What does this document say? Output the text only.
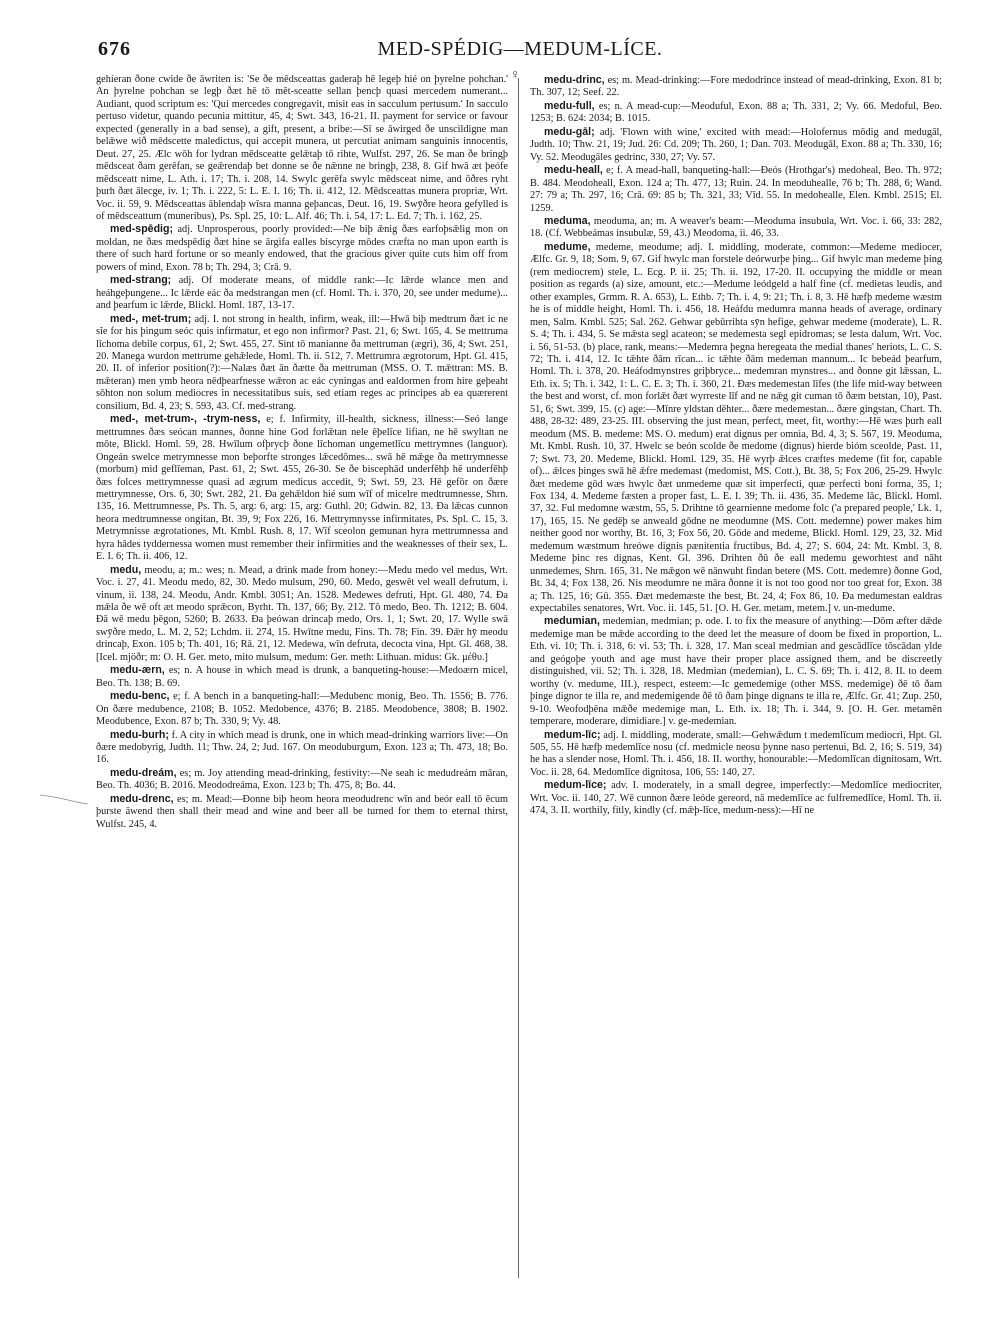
676	MED-SPÉDIG—MEDUM-LÍCE.
♀

gehíeran ðone cwide ðe āwriten is: 'Se ðe mēdsceattas gaderaþ hē legeþ hié on þyrelne pohchan.' An þyrelne pohchan se legþ ðæt hē tō mēt-sceatte sellan þencþ quasi mercedem numerant... Audiant, quod scriptum es: 'Qui mercedes congregavit, misit eas in sacculum pertusum.' In sacculo pertuso videtur, quando pecunia mittitur, 45, 4; Swt. 343, 16-21. II. payment for service or favour expected (generally in a bad sense), a gift, present, a bribe:—Sī se āwirged ðe unscildigne man belǣwe wið mēdscette maledictus, qui accepit munera, ut percutiat animam sanguinis innocentis, Deut. 27, 25. Ælc wōh for lydran mēdsceatte gelǣtaþ tō rihte, Wulfst. 297, 26. Se man ðe bringþ mēdsceat ðam gerēfan, se geǣrendaþ bet donne se ðe nǣnne ne bringþ, 238, 8. Gif hwā æt þeófe mēdsceatt nime, L. Ath. i. 17; Th. i. 208, 14. Swylc gerēfa swylc mēdsceat nime, and ōðres ryht þurh ðæt ālecge, iv. 1; Th. i. 222, 5: L. E. I. 16; Th. ii. 412, 12. Mēdsceattas munera propriæ, Wrt. Voc. ii. 59, 9. Mēdsceattas āblendaþ wīsra manna geþancas, Deut. 16, 19. Swȳðre heora gefylled is of mēdsceattum (muneribus), Ps. Spl. 25, 10: L. Alf. 46; Th. i. 54, 17: L. Ed. 7; Th. i. 162, 25.

med-spēdig; adj. Unprosperous, poorly provided:—Ne biþ ǣnig ðæs earfoþsǣlig mon on moldan, ne ðæs medspēdig ðæt hine se ārgifa ealles biscyrge mōdes cræfta no man upon earth is there of such hard fortune or so meanly endowed, that the gracious giver quite cuts him off from powers of mind, Exon. 78 b; Th. 294, 3; Crā. 9.

med-strang; adj. Of moderate means, of middle rank:—Ic lǣrde wlance men and heáhgeþungene... Ic lǣrde eác ða medstrangan men (cf. Homl. Th. i. 370, 20, see under medume)... and þearfum ic lǣrde, Blickl. Homl. 187, 13-17.

med-, met-trum; adj. I. not strong in health, infirm, weak, ill:—Hwā biþ medtrum ðæt ic ne sīe for his þingum seóc quis infirmatur, et ego non infirmor? Past. 21, 6; Swt. 165, 4. Se mettruma līchoma debile corpus, 61, 2; Swt. 455, 27. Sint tō manianne ða mettruman (ægri), 36, 4; Swt. 251, 20. Manega wurdon mettrume gehǣlede, Homl. Th. ii. 512, 7. Mettrumra ægrotorum, Hpt. Gl. 415, 20. II. of inferior position(?):—Nalæs ðæt ān ðætte ða mettruman (MSS. O. T. mǣttran: MS. B. mǣteran) men ymb heora nēdþearfnesse wǣron ac eác cyningas and ealdormen from hire geþeaht sōhton non solum mediocres in necessitatibus suis, sed etiam reges ac principes ab ea quærerent consilium, Bd. 4, 23; S. 593, 43. Cf. med-strang.

med-, met-trum-, -trym-ness, e; f. Infirmity, ill-health, sickness, illness:—Seó lange mettrumnes ðæs seócan mannes, ðonne hine God forlǣtan nele ēþelīce lifian, ne hē swyltan ne mōte, Blickl. Homl. 59, 28. Hwīlum ofþrycþ ðone līchoman ungemetlīcu mettrymnes (languor). Ongeán swelce metrymnesse mon beþorfte stronges lǣcedōmes... swā hē mǣge ða mettrymnesse (morbum) mid geflīeman, Past. 61, 2; Swt. 455, 26-30. Se ðe biscephād underfēhþ hē underfēhþ ðæs folces mettrymnesse quasi ad ægrum medicus accedit, 9; Swt. 59, 23. Hē gefōr on ðære mettrymnesse, Ors. 6, 30; Swt. 282, 21. Ða gehǣldon hié sum wīf of micelre medtrumnesse, Shrn. 135, 16. Mettrumnesse, Ps. Th. 5, arg: 6, arg: 15, arg: Guthl. 20; Gdwin. 82, 13. Ða lǣcas cunnon heora medtrumnesse ongitan, Bt. 39, 9; Fox 226, 16. Mettrymnysse infirmitates, Ps. Spl. C. 15, 3. Metrymnisse ægrotationes, Mt. Kmbl. Rush. 8, 17. Wīf sceolon gemunan hyra mettrumnessa and hyra hādes tyddernessa women must remember their infirmities and the weaknesses of their sex, L. E. I. 6; Th. ii. 406, 12.

medu, meodu, a; m.: wes; n. Mead, a drink made from honey:—Medu medo vel medus, Wrt. Voc. i. 27, 41. Meodu medo, 82, 30. Medo mulsum, 290, 60. Medo, geswēt vel weall defrutum, i. vinum, ii. 138, 24. Meodu, Andr. Kmbl. 3051; An. 1528. Medewes defruti, Hpt. Gl. 480, 74. Ða mǣla ðe wē oft æt meodo sprǣcon, Byrht. Th. 137, 66; By. 212. Tō medo, Beo. Th. 1212; B. 604. Ðā wē medu þēgon, 5260; B. 2633. Ða þeówan drincaþ medo, Ors. 1, 1; Swt. 20, 17. Wylle swā swȳðre medo, L. M. 2, 52; Lchdm. ii. 274, 15. Hwītne medu, Fins. Th. 78; Fin. 39. Ðǣr hȳ meodu drincaþ, Exon. 105 b; Th. 401, 16; Rā. 21, 12. Medewa, wīn defruta, decocta vina, Hpt. Gl. 468, 38. [Icel. mjöðr; m: O. H. Ger. meto, mito mulsum, medum: Ger. meth: Lithuan. midus: Gk. μέθυ.]

medu-ærn, es; n. A house in which mead is drunk, a banqueting-house:—Medoærn micel, Beo. Th. 138; B. 69.

medu-benc, e; f. A bench in a banqueting-hall:—Medubenc monig, Beo. Th. 1556; B. 776. On ðære medubence, 2108; B. 1052. Medobence, 4376; B. 2185. Meodobence, 3808; B. 1902. Meodubence, Exon. 87 b; Th. 330, 9; Vy. 48.

medu-burh; f. A city in which mead is drunk, one in which mead-drinking warriors live:—On ðære medobyrig, Judth. 11; Thw. 24, 2; Jud. 167. On meoduburgum, Exon. 123 a; Th. 473, 18; Bo. 16.

medu-dreám, es; m. Joy attending mead-drinking, festivity:—Ne seah ic medudreám māran, Beo. Th. 4036; B. 2016. Meododreáma, Exon. 123 b; Th. 475, 8; Bo. 44.

medu-drenc, es; m. Mead:—Ðonne biþ heom heora meodudrenc wīn and beór eall tō ēcum þurste āwend then shall their mead and wine and beer all be turned for them to eternal thirst, Wulfst. 245, 4.

medu-drinc, es; m. Mead-drinking:—Fore medodrince instead of mead-drinking, Exon. 81 b; Th. 307, 12; Seef. 22.

medu-full, es; n. A mead-cup:—Meoduful, Exon. 88 a; Th. 331, 2; Vy. 66. Medoful, Beo. 1253; B. 624: 2034; B. 1015.

medu-gāl; adj. 'Flown with wine,' excited with mead:—Holofernus mōdig and medugāl, Judth. 10; Thw. 21, 19; Jud. 26: Cd. 209; Th. 260, 1; Dan. 703. Meodugāl, Exon. 88 a; Th. 330, 16; Vy. 52. Meodugāles gedrinc, 330, 27; Vy. 57.

medu-heall, e; f. A mead-hall, banqueting-hall:—Ðeós (Hrothgar's) medoheal, Beo. Th. 972; B. 484. Meodoheall, Exon. 124 a; Th. 477, 13; Ruin. 24. In meoduhealle, 76 b; Th. 288, 6; Wand. 27: 79 a; Th. 297, 16; Crā. 69: 85 b; Th. 321, 33; Vīd. 55. In medohealle, Elen. Kmbl. 2515; El. 1259.

meduma, meoduma, an; m. A weaver's beam:—Meoduma insubula, Wrt. Voc. i. 66, 33: 282, 18. (Cf. Webbeámas insubulæ, 59, 43.) Meodoma, ii. 46, 33.

medume, medeme, meodume; adj. I. middling, moderate, common:—Medeme mediocer, Ælfc. Gr. 9, 18; Som. 9, 67. Gif hwylc man forstele deórwurþe þing... Gif hwylc man medeme þing (rem mediocrem) stele, L. Ecg. P. ii. 25; Th. ii. 192, 17-20. II. occupying the middle or mean position as regards (a) size, amount, etc.:—Medume leódgeld a half fine (cf. medietas leudis, and other examples, Grmm. R. A. 653), L. Ethb. 7; Th. i. 4, 9: 21; Th. i. 8, 3. Hē hæfþ medeme wæstm he is of middle height, Homl. Th. i. 456, 18. Heáfdu medumra manna heads of average, ordinary men, Salm. Kmbl. 525; Sal. 262. Gehwar gebūrrihta sȳn hefige, gehwar medeme (moderate), L. R. S. 4; Th. i. 434, 5. Se mǣsta segl acateon; se medemesta segl epidromas; se lesta dalum, Wrt. Voc. i. 56, 51-53. (b) place, rank, means:—Medemra þegna heregeata the medial thanes' heriots, L. C. S. 72; Th. i. 414, 12. Ic tǣhte ðām rīcan... ic tǣhte ðām medeman mannum... Ic bebeád þearfum, Homl. Th. i. 378, 20. Heáfodmynstres griþbryce... medemran mynstres... and ðonne git lǣssan, L. Eth. ix. 5; Th. i. 342, 1: L. C. E. 3; Th. i. 360, 21. Ðæs medemestan līfes (the life mid-way between the best and worst, cf. mon forlǣt ðæt wyrreste līf and ne nǣg git cuman tō ðæm betstan, 10), Past. 51, 6; Swt. 399, 15. (c) age:—Mīnre yldstan dēhter... ðære medemestan... ðære gingstan, Chart. Th. 488, 28-32: 489, 23-25. III. observing the just mean, perfect, meet, fit, worthy:—Hē wæs þurh eall meodum (MS. B. medeme: MS. O. medum) erat dignus per omnia, Bd. 4, 3; S. 567, 19. Meoduma, Mt. Kmbl. Rush. 10, 37. Hwelc se beón scolde ðe medome (dignus) hierde bióm sceolde, Past. 11, 7; Swt. 73, 20. Medeme, Blickl. Homl. 129, 35. Hē wyrþ ǣlces cræftes medeme (fit for, capable of)... ǣlces þinges swā hē ǣfre medemast (medomist, MS. Cott.), Bt. 38, 5; Fox 206, 25-29. Hwylc ðæt medeme gōd wæs hwylc ðæt unmedeme quæ sit imperfecti, quæ perfecti boni forma, 35, 1; Fox 134, 4. Medeme fæsten a proper fast, L. E. I. 39; Th. ii. 436, 35. Medeme lāc, Blickl. Homl. 37, 32. Ful medomne wæstm, 55, 5. Drihtne tō gearnienne medome folc ('a prepared people,' Lk. 1, 17), 165, 15. Ne gedēþ se anweald gōdne ne meodumne (MS. Cott. medemne) power makes him neither good nor worthy, Bt. 16, 3; Fox 56, 20. Gōde and medeme, Blickl. Homl. 129, 23, 32. Mid medemum wæstmum hreówe dignis pænitentia fructibus, Bd. 4, 27; S. 604, 24: Mt. Kmbl. 3, 8. Medeme þinc res dignas, Kent. Gl. 396. Drihten ðū ðe eall medemu geworhtest and nāht unmedemes, Shrn. 165, 31. Ne mǣgon wē nānwuht findan betere (MS. Cott. medemre) ðonne God, Bt. 34, 4; Fox 138, 26. Nis meodumre ne māra ðonne it is not too good nor too great for, Exon. 38 a; Th. 125, 16; Gū. 355. Ðæt medemæste the best, Bt. 24, 4; Fox 86, 10. Ða medumestan ealdras expectabiles senatores, Wrt. Voc. ii. 145, 51. [O. H. Ger. metam, metem.] v. un-medume.

medumian, medemian, medmian; p. ode. I. to fix the measure of anything:—Dōm æfter dǣde medemige man be mǣde according to the deed let the measure of doom be fixed in proportion, L. Eth. vi. 10; Th. i. 318, 6: vi. 53; Th. i. 328, 17. Man sceal medmian and gescādlīce tōscādan ylde and geógoþe youth and age must have their proper place assigned them, and be discreetly distinguished, vii. 52; Th. i. 328, 18. Medmian (medemian), L. C. S. 69; Th. i. 412, 8. II. to deem worthy (v. medume, III.), respect, esteem:—Ic gemedemige (other MSS. medemige) ðē tō ðam þinge dignor te illa re, and medemigende ðē tō ðam þinge dignans te illa re, Ælfc. Gr. 41; Zup. 250, 9-10. Weofodþēna mǣðe medemige man, L. Eth. ix. 18; Th. i. 344, 9. [O. H. Ger. metamēn temperare, moderare, dimidiare.] v. ge-medemian.

medum-līc; adj. I. middling, moderate, small:—Gehwǣdum t medemlīcum mediocri, Hpt. Gl. 505, 55. Hē hæfþ medemlīce nosu (cf. medmicle neosu þynne naso pertenui, Bd. 2, 16; S. 519, 34) he has a slender nose, Homl. Th. i. 456, 18. II. worthy, honourable:—Medomlīcan dignitosam, Wrt. Voc. ii. 28, 64. Medomlīce dignitosa, 106, 55: 140, 27.

medum-līce; adv. I. moderately, in a small degree, imperfectly:—Medomlīce mediocriter, Wrt. Voc. ii. 140, 27. Wē cunnon ðære leóde gereord, nā medemlīce ac fulfremedlīce, Homl. Th. ii. 474, 3. II. worthily, fitly, kindly (cf. mǣþ-līce, medum-ness):—Hī ne
